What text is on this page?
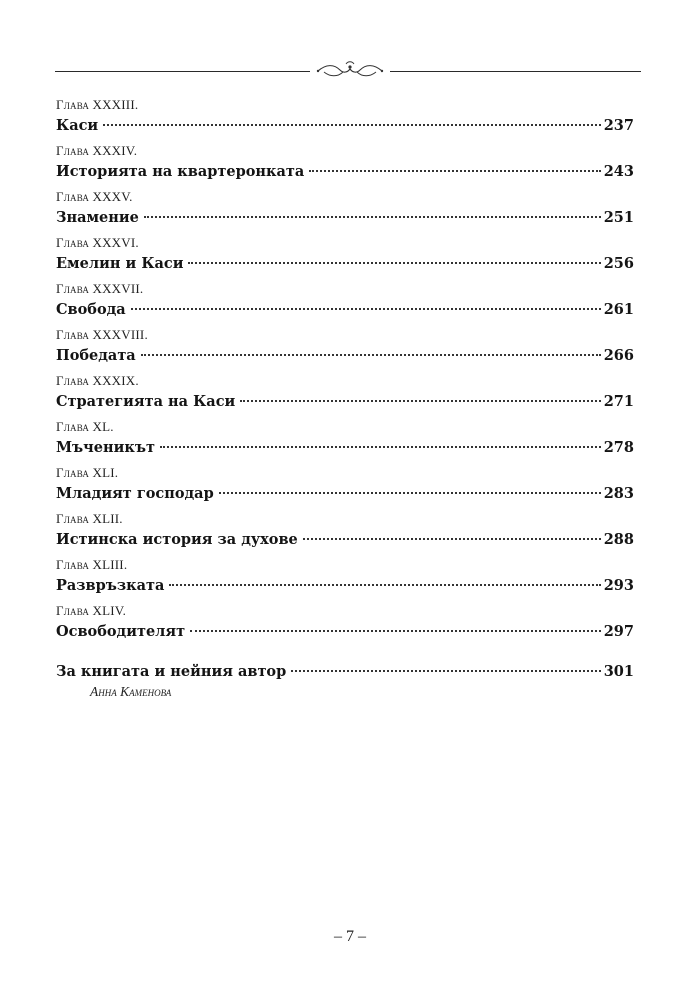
Глава XXXIII.
Каси	237
Глава XXXIV.
Историята на квартеронката	243
Глава XXXV.
Знамение	251
Глава XXXVI.
Емелин и Каси	256
Глава XXXVII.
Свобода	261
Глава XXXVIII.
Победата	266
Глава XXXIX.
Стратегията на Каси	271
Глава XL.
Мъченикът	278
Глава XLI.
Младият господар	283
Глава XLII.
Истинска история за духове	288
Глава XLIII.
Развръзката	293
Глава XLIV.
Освободителят	297
За книгата и нейния автор	301
Анна Каменова
– 7 –
